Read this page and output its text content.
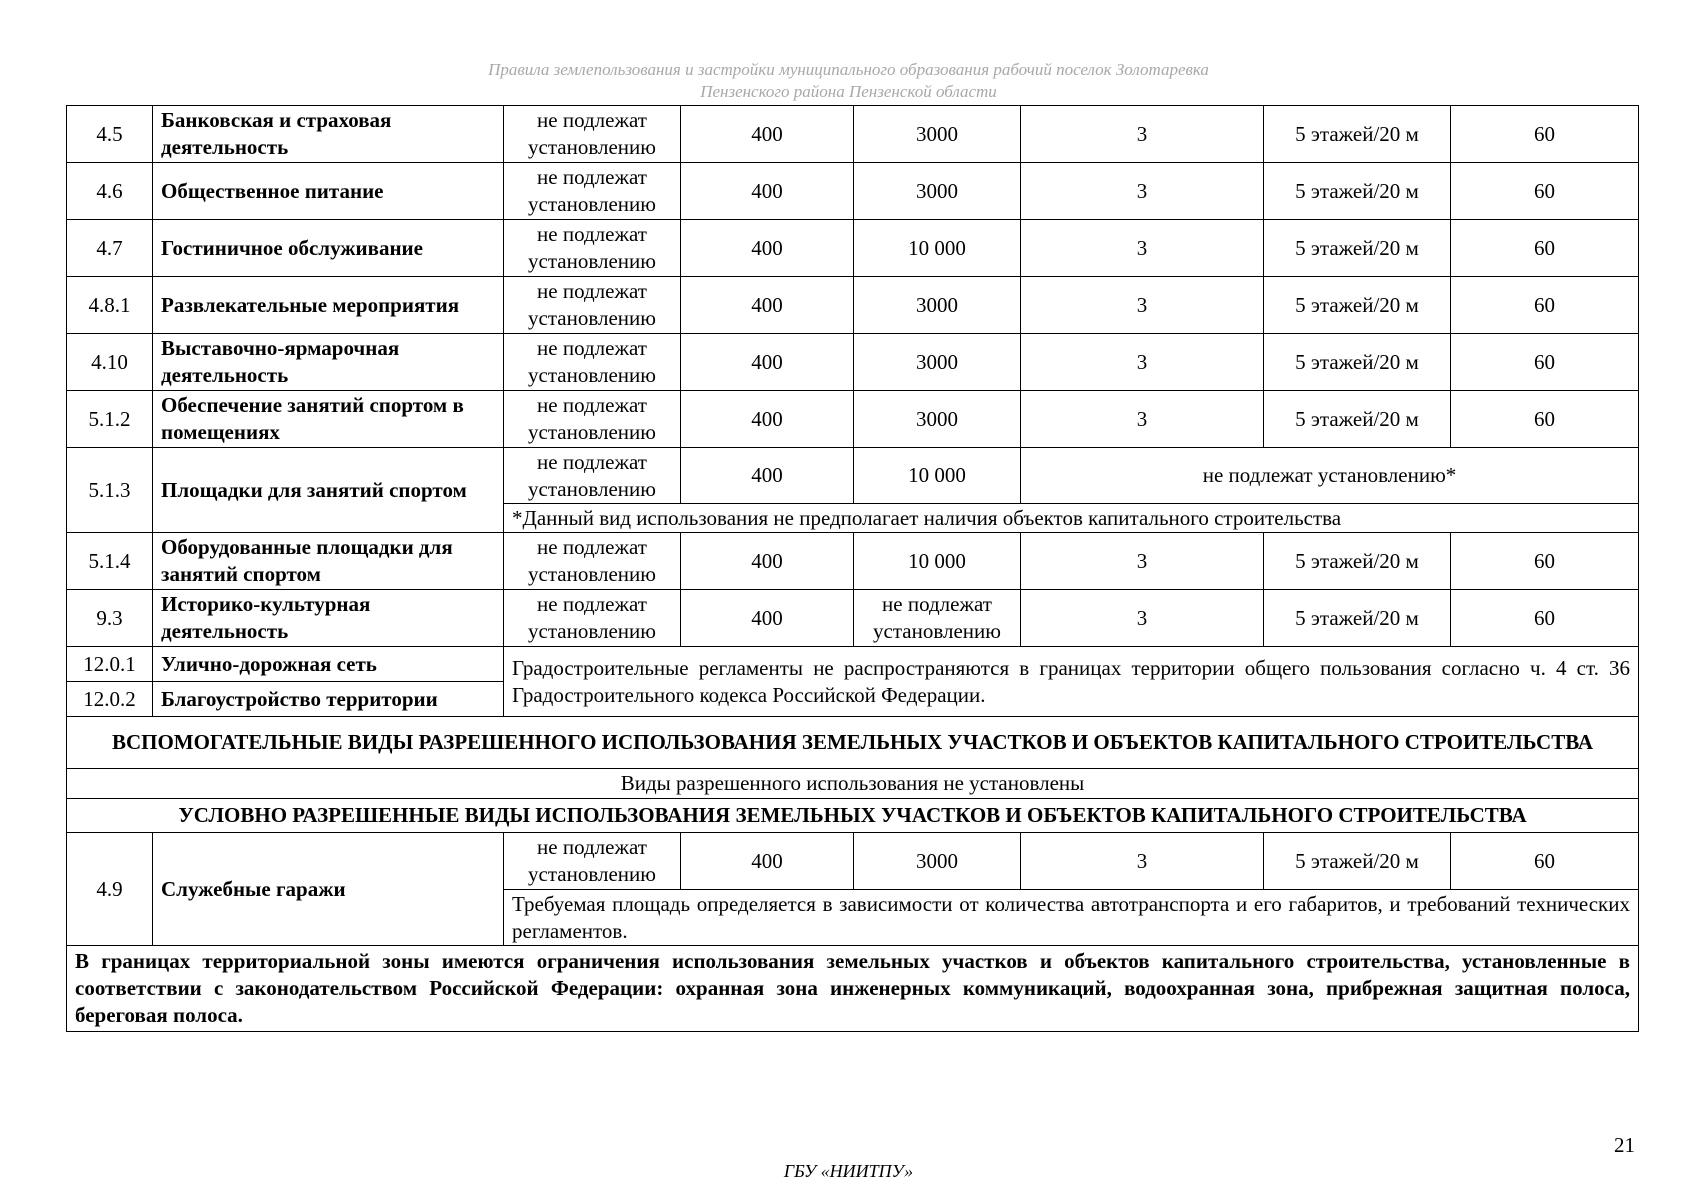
Правила землепользования и застройки муниципального образования рабочий поселок Золотаревка
Пензенского района Пензенской области
4.5	Банковская и страховая деятельность	не подлежат установлению	400	3000	3	5 этажей/20 м	60
4.6	Общественное питание	не подлежат установлению	400	3000	3	5 этажей/20 м	60
4.7	Гостиничное обслуживание	не подлежат установлению	400	10 000	3	5 этажей/20 м	60
4.8.1	Развлекательные мероприятия	не подлежат установлению	400	3000	3	5 этажей/20 м	60
4.10	Выставочно-ярмарочная деятельность	не подлежат установлению	400	3000	3	5 этажей/20 м	60
5.1.2	Обеспечение занятий спортом в помещениях	не подлежат установлению	400	3000	3	5 этажей/20 м	60
5.1.3	Площадки для занятий спортом	не подлежат установлению	400	10 000	не подлежат установлению*		
		*Данный вид использования не предполагает наличия объектов капитального строительства					
5.1.4	Оборудованные площадки для занятий спортом	не подлежат установлению	400	10 000	3	5 этажей/20 м	60
9.3	Историко-культурная деятельность	не подлежат установлению	400	не подлежат установлению	3	5 этажей/20 м	60
12.0.1	Улично-дорожная сеть	Градостроительные регламенты не распространяются в границах территории общего пользования согласно ч. 4 ст. 36 Градостроительного кодекса Российской Федерации.					
12.0.2	Благоустройство территории						
ВСПОМОГАТЕЛЬНЫЕ ВИДЫ РАЗРЕШЕННОГО ИСПОЛЬЗОВАНИЯ ЗЕМЕЛЬНЫХ УЧАСТКОВ И ОБЪЕКТОВ КАПИТАЛЬНОГО СТРОИТЕЛЬСТВА							
Виды разрешенного использования не установлены							
УСЛОВНО РАЗРЕШЕННЫЕ ВИДЫ ИСПОЛЬЗОВАНИЯ ЗЕМЕЛЬНЫХ УЧАСТКОВ И ОБЪЕКТОВ КАПИТАЛЬНОГО СТРОИТЕЛЬСТВА							
4.9	Служебные гаражи	не подлежат установлению	400	3000	3	5 этажей/20 м	60
		Требуемая площадь определяется в зависимости от количества автотранспорта и его габаритов, и требований технических регламентов.					
В границах территориальной зоны имеются ограничения использования земельных участков и объектов капитального строительства, установленные в соответствии с законодательством Российской Федерации: охранная зона инженерных коммуникаций, водоохранная зона, прибрежная защитная полоса, береговая полоса.							
21
ГБУ «НИИТПУ»
